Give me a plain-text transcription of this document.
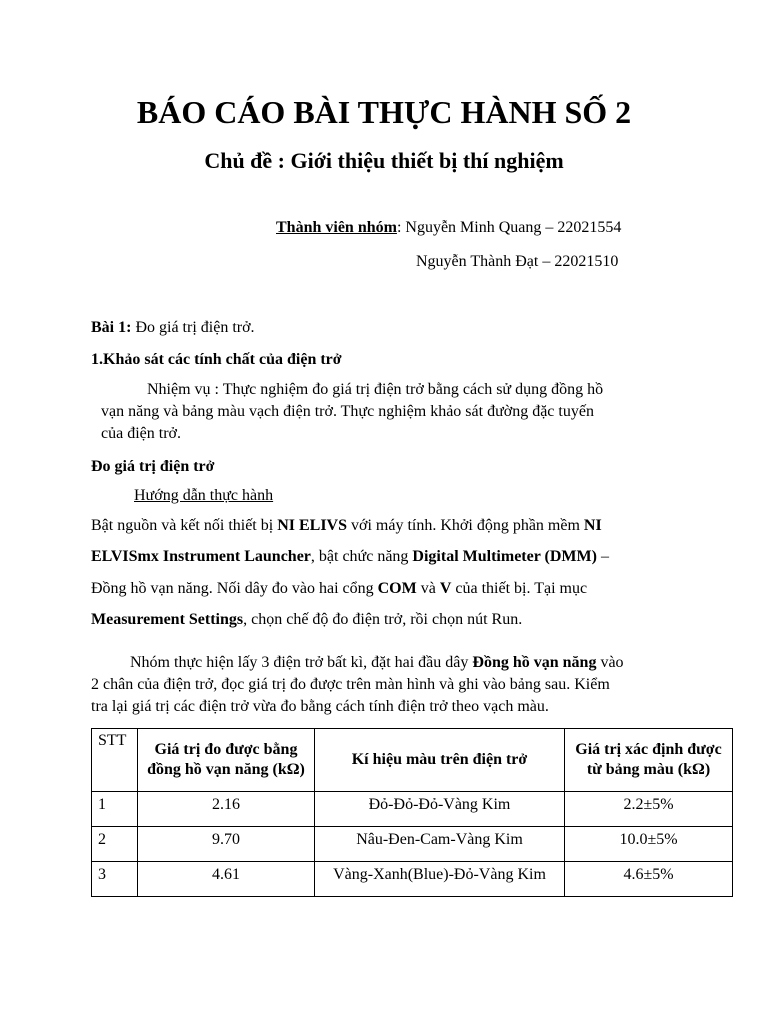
BÁO CÁO BÀI THỰC HÀNH SỐ 2
Chủ đề : Giới thiệu thiết bị thí nghiệm
Thành viên nhóm: Nguyễn Minh Quang – 22021554
Nguyễn Thành Đạt – 22021510
Bài 1: Đo giá trị điện trở.
1.Khảo sát các tính chất của điện trở
Nhiệm vụ : Thực nghiệm đo giá trị điện trở bằng cách sử dụng đồng hồ
vạn năng và bảng màu vạch điện trở. Thực nghiệm khảo sát đường đặc tuyến
của điện trở.
Đo giá trị điện trở
Hướng dẫn thực hành
Bật nguồn và kết nối thiết bị NI ELIVS với máy tính. Khởi động phần mềm NI
ELVISmx Instrument Launcher, bật chức năng Digital Multimeter (DMM) –
Đồng hồ vạn năng. Nối dây đo vào hai cổng COM và V của thiết bị. Tại mục
Measurement Settings, chọn chế độ đo điện trở, rồi chọn nút Run.
Nhóm thực hiện lấy 3 điện trở bất kì, đặt hai đầu dây Đồng hồ vạn năng vào
2 chân của điện trở, đọc giá trị đo được trên màn hình và ghi vào bảng sau. Kiểm
tra lại giá trị các điện trở vừa đo bằng cách tính điện trở theo vạch màu.
STT	Giá trị đo được bằng đồng hồ vạn năng (kΩ)	Kí hiệu màu trên điện trở	Giá trị xác định được từ bảng màu (kΩ)
1	2.16	Đỏ-Đỏ-Đỏ-Vàng Kim	2.2±5%
2	9.70	Nâu-Đen-Cam-Vàng Kim	10.0±5%
3	4.61	Vàng-Xanh(Blue)-Đỏ-Vàng Kim	4.6±5%
